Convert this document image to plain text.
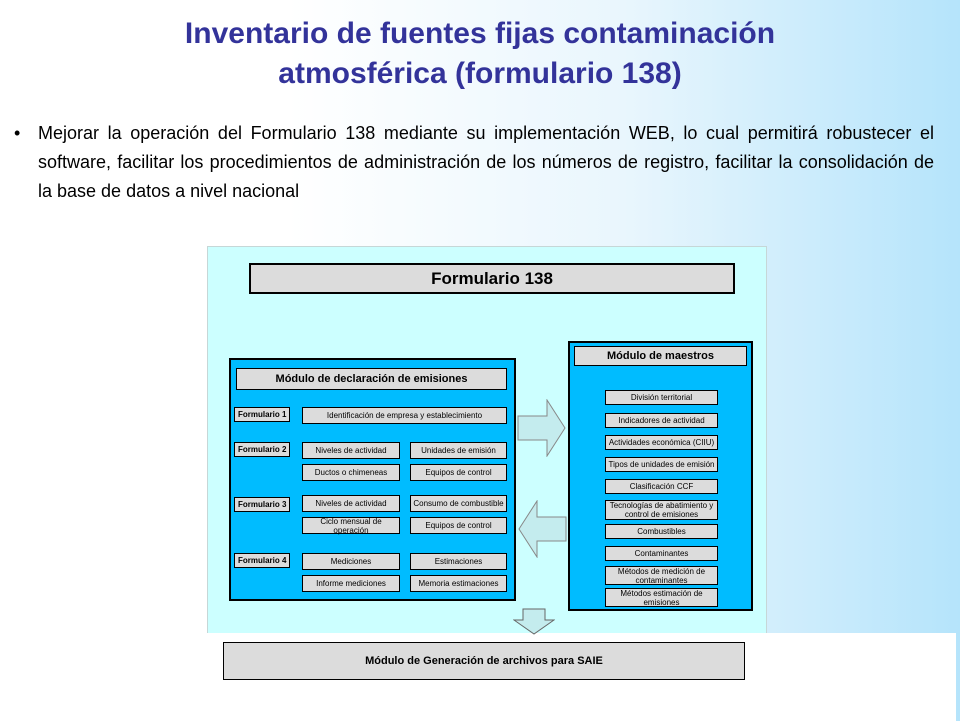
Inventario de fuentes fijas contaminación
atmosférica (formulario 138)
• Mejorar la operación del Formulario 138 mediante su implementación WEB, lo cual permitirá robustecer el software, facilitar los procedimientos de administración de los números de registro, facilitar la consolidación de la base de datos a nivel nacional
Formulario 138
Módulo de declaración de emisiones
Formulario 1	Identificación de empresa y establecimiento
Formulario 2	Niveles de actividad	Unidades de emisión
Ductos o chimeneas	Equipos de control
Formulario 3	Niveles de actividad	Consumo de combustible
Ciclo mensual de operación	Equipos de control
Formulario 4	Mediciones	Estimaciones
Informe mediciones	Memoria estimaciones
Módulo de maestros
División territorial
Indicadores de actividad
Actividades económica (CIIU)
Tipos de unidades de emisión
Clasificación CCF
Tecnologías de abatimiento y control de emisiones
Combustibles
Contaminantes
Métodos de medición de contaminantes
Métodos estimación de emisiones
Módulo de Generación de archivos para SAIE
